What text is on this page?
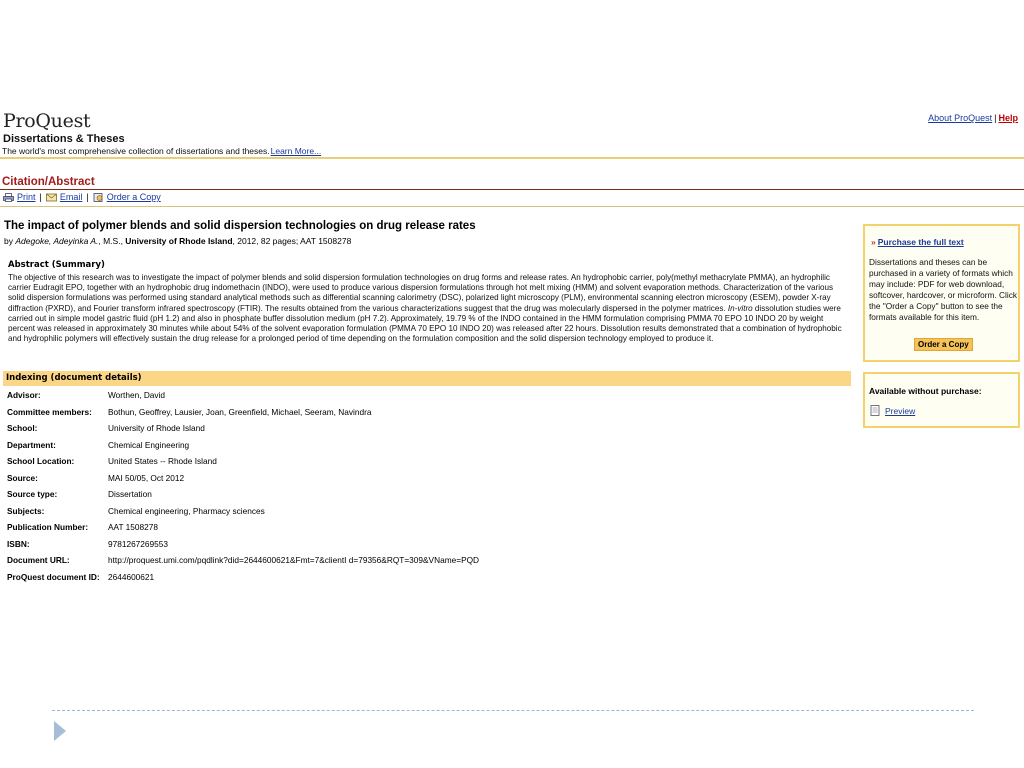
ProQuest
Dissertations & Theses
The world's most comprehensive collection of dissertations and theses.Learn More...
About ProQuest | Help
Citation/Abstract
Print | Email | Order a Copy
The impact of polymer blends and solid dispersion technologies on drug release rates
by Adegoke, Adeyinka A., M.S., University of Rhode Island, 2012, 82 pages; AAT 1508278
Abstract (Summary)
The objective of this research was to investigate the impact of polymer blends and solid dispersion formulation technologies on drug forms and release rates. An hydrophobic carrier, poly(methyl methacrylate PMMA), an hydrophilic carrier Eudragit EPO, together with an hydrophobic drug indomethacin (INDO), were used to produce various dispersion formulations through hot melt mixing (HMM) and solvent evaporation methods. Characterization of the various solid dispersion formulations was performed using standard analytical methods such as differential scanning calorimetry (DSC), polarized light microscopy (PLM), environmental scanning electron microscopy (ESEM), powder X-ray diffraction (PXRD), and Fourier transform infrared spectroscopy (FTIR). The results obtained from the various characterizations suggest that the drug was molecularly dispersed in the polymer matrices. In-vitro dissolution studies were carried out in simple model gastric fluid (pH 1.2) and also in phosphate buffer dissolution medium (pH 7.2). Approximately, 19.79 % of the INDO contained in the HMM formulation comprising PMMA 70 EPO 10 INDO 20 by weight percent was released in approximately 30 minutes while about 54% of the solvent evaporation formulation (PMMA 70 EPO 10 INDO 20) was released after 22 hours. Dissolution results demonstrated that a combination of hydrophobic and hydrophilic polymers will effectively sustain the drug release for a prolonged period of time depending on the formulation composition and the solid dispersion technology employed to produce it.
Indexing (document details)
Advisor:	Worthen, David
Committee members: Bothun, Geoffrey, Lausier, Joan, Greenfield, Michael, Seeram, Navindra
School:	University of Rhode Island
Department:	Chemical Engineering
School Location:	United States -- Rhode Island
Source:	MAI 50/05, Oct 2012
Source type:	Dissertation
Subjects:	Chemical engineering, Pharmacy sciences
Publication Number: AAT 1508278
ISBN:	9781267269553
Document URL:	http://proquest.umi.com/pqdlink?did=2644600621&Fmt=7&clientI d=79356&RQT=309&VName=PQD
ProQuest document ID: 2644600621
» Purchase the full text
Dissertations and theses can be purchased in a variety of formats which may include: PDF for web download, softcover, hardcover, or microform. Click the "Order a Copy" button to see the formats available for this item.
Order a Copy
Available without purchase:
Preview
